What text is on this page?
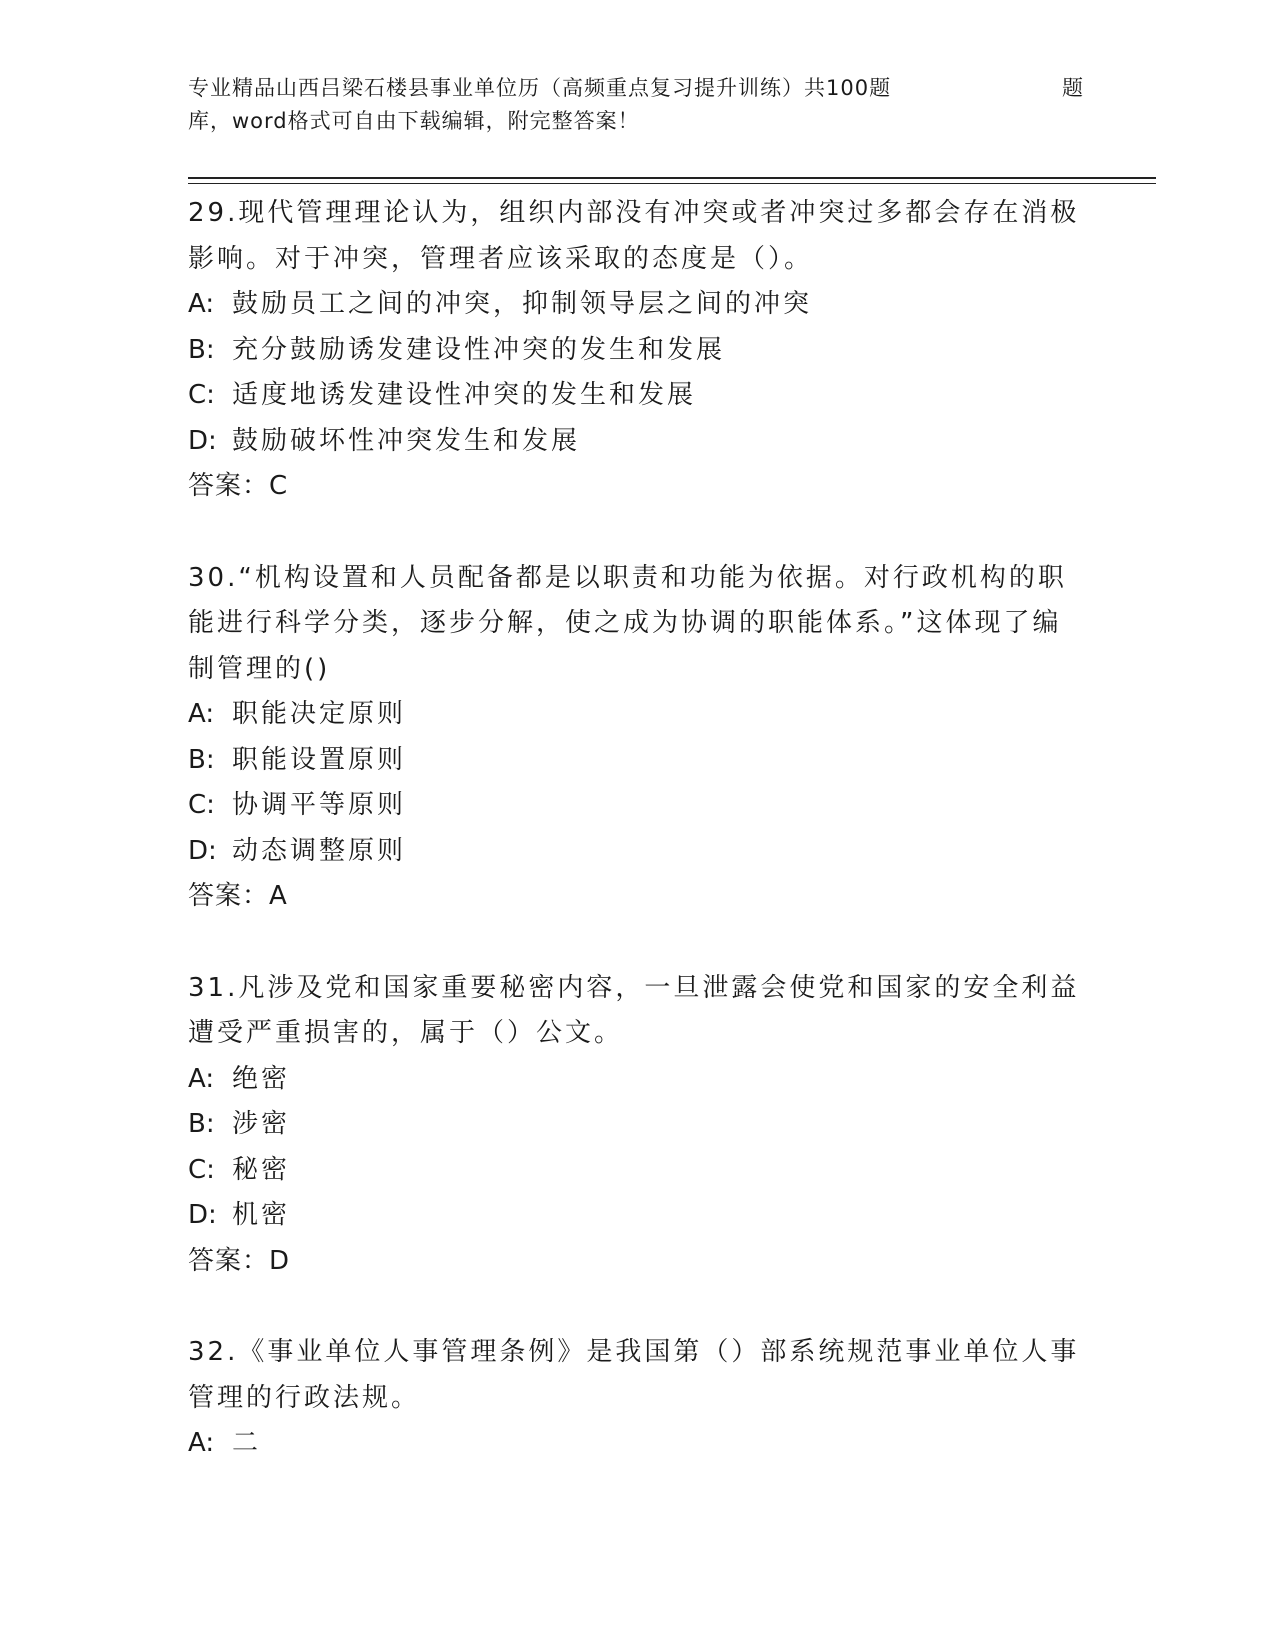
专业精品山西吕梁石楼县事业单位历（高频重点复习提升训练）共100题	题
库，word格式可自由下载编辑，附完整答案！

29.现代管理理论认为，组织内部没有冲突或者冲突过多都会存在消极影响。对于冲突，管理者应该采取的态度是（）。

A: 鼓励员工之间的冲突，抑制领导层之间的冲突

B: 充分鼓励诱发建设性冲突的发生和发展

C: 适度地诱发建设性冲突的发生和发展

D: 鼓励破坏性冲突发生和发展

答案：C

30.“机构设置和人员配备都是以职责和功能为依据。对行政机构的职能进行科学分类，逐步分解，使之成为协调的职能体系。”这体现了编制管理的()

A: 职能决定原则

B: 职能设置原则

C: 协调平等原则

D: 动态调整原则

答案：A

31.凡涉及党和国家重要秘密内容，一旦泄露会使党和国家的安全利益遭受严重损害的，属于（）公文。

A: 绝密

B: 涉密

C: 秘密

D: 机密

答案：D

32.《事业单位人事管理条例》是我国第（）部系统规范事业单位人事管理的行政法规。

A: 二
